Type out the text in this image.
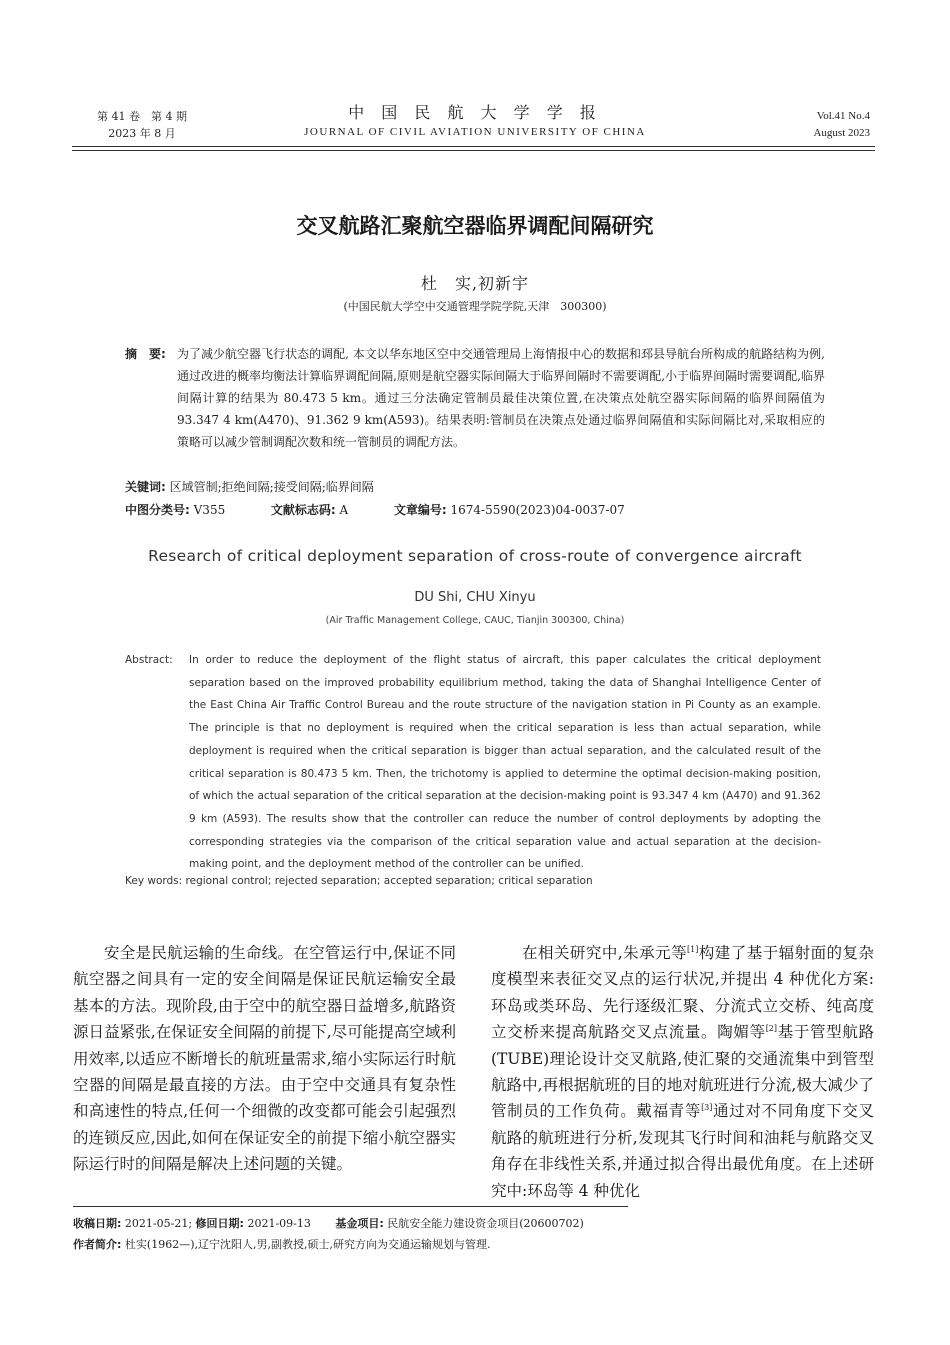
第 41 卷　第 4 期
2023 年 8 月
中 国 民 航 大 学 学 报
JOURNAL OF CIVIL AVIATION UNIVERSITY OF CHINA
Vol.41 No.4
August 2023
交叉航路汇聚航空器临界调配间隔研究
杜　实,初新宇
(中国民航大学空中交通管理学院学院,天津　300300)
摘　要: 为了减少航空器飞行状态的调配, 本文以华东地区空中交通管理局上海情报中心的数据和邳县导航台所构成的航路结构为例,通过改进的概率均衡法计算临界调配间隔,原则是航空器实际间隔大于临界间隔时不需要调配,小于临界间隔时需要调配,临界间隔计算的结果为 80.473 5 km。通过三分法确定管制员最佳决策位置,在决策点处航空器实际间隔的临界间隔值为 93.347 4 km(A470)、91.362 9 km(A593)。结果表明:管制员在决策点处通过临界间隔值和实际间隔比对,采取相应的策略可以减少管制调配次数和统一管制员的调配方法。
关键词: 区域管制;拒绝间隔;接受间隔;临界间隔
中图分类号: V355	文献标志码: A	文章编号: 1674-5590(2023)04-0037-07
Research of critical deployment separation of cross-route of convergence aircraft
DU Shi, CHU Xinyu
(Air Traffic Management College, CAUC, Tianjin 300300, China)
Abstract: In order to reduce the deployment of the flight status of aircraft, this paper calculates the critical deployment separation based on the improved probability equilibrium method, taking the data of Shanghai Intelligence Center of the East China Air Traffic Control Bureau and the route structure of the navigation station in Pi County as an example. The principle is that no deployment is required when the critical separation is less than actual separation, while deployment is required when the critical separation is bigger than actual separation, and the calculated result of the critical separation is 80.473 5 km. Then, the trichotomy is applied to determine the optimal decision-making position, of which the actual separation of the critical separation at the decision-making point is 93.347 4 km (A470) and 91.362 9 km (A593). The results show that the controller can reduce the number of control deployments by adopting the corresponding strategies via the comparison of the critical separation value and actual separation at the decision-making point, and the deployment method of the controller can be unified.
Key words: regional control; rejected separation; accepted separation; critical separation

安全是民航运输的生命线。在空管运行中,保证不同航空器之间具有一定的安全间隔是保证民航运输安全最基本的方法。现阶段,由于空中的航空器日益增多,航路资源日益紧张,在保证安全间隔的前提下,尽可能提高空域利用效率,以适应不断增长的航班量需求,缩小实际运行时航空器的间隔是最直接的方法。由于空中交通具有复杂性和高速性的特点,任何一个细微的改变都可能会引起强烈的连锁反应,因此,如何在保证安全的前提下缩小航空器实际运行时的间隔是解决上述问题的关键。

在相关研究中,朱承元等[1]构建了基于辐射面的复杂度模型来表征交叉点的运行状况,并提出 4 种优化方案:环岛或类环岛、先行逐级汇聚、分流式立交桥、纯高度立交桥来提高航路交叉点流量。陶媚等[2]基于管型航路(TUBE)理论设计交叉航路,使汇聚的交通流集中到管型航路中,再根据航班的目的地对航班进行分流,极大减少了管制员的工作负荷。戴福青等[3]通过对不同角度下交叉航路的航班进行分析,发现其飞行时间和油耗与航路交叉角存在非线性关系,并通过拟合得出最优角度。在上述研究中:环岛等 4 种优化

收稿日期: 2021-05-21; 修回日期: 2021-09-13 基金项目: 民航安全能力建设资金项目(20600702)
作者简介: 杜实(1962—),辽宁沈阳人,男,副教授,硕士,研究方向为交通运输规划与管理.
